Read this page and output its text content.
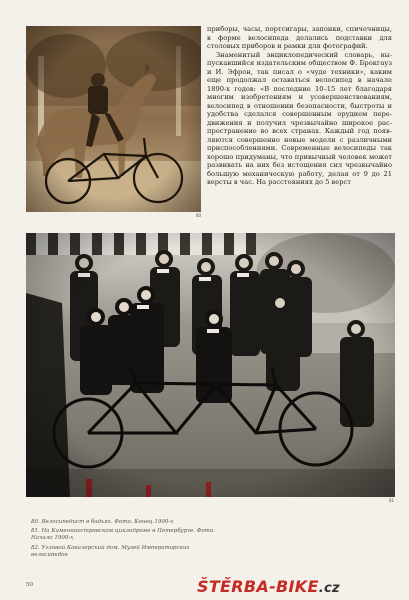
80

приборы, часы, портсигары, запонки, спичечницы, в форме велосипеда делались подставки для столовых приборов и рамки для фотографий.

Знаменитый энциклопедический словарь, выпускавшийся издательским обществом Ф. Брокгауз и И. Эфрон, так писал о «чуде техники», каким еще продолжал оставаться велосипед в начале 1890-х годов: «В последние 10–15 лет благодаря многим изобретениям и усовершенствованиям, велосипед в отношении безопасности, быстроты и удобства сделался совершенным орудием передвижения и получил чрезвычайно широкое распространение во всех странах. Каждый год появляются совершенно новые модели с различными приспособлениями. Современные велосипеды так хорошо придуманы, что привычный человек может развивать на них без истощения сил чрезвычайно большую механическую работу, делая от 9 до 21 версты в час. На расстояниях до 5 верст

81
80. Велосипедист в бадьях. Фото. Конец 1900-х
81. На Каменноостровском циклодроме в Петербурге. Фото. Начало 1900-х
82. Угловой Кавалерский дом. Музей Императорских велосипедов
50	ŠTĚRBA-BIKE.cz
